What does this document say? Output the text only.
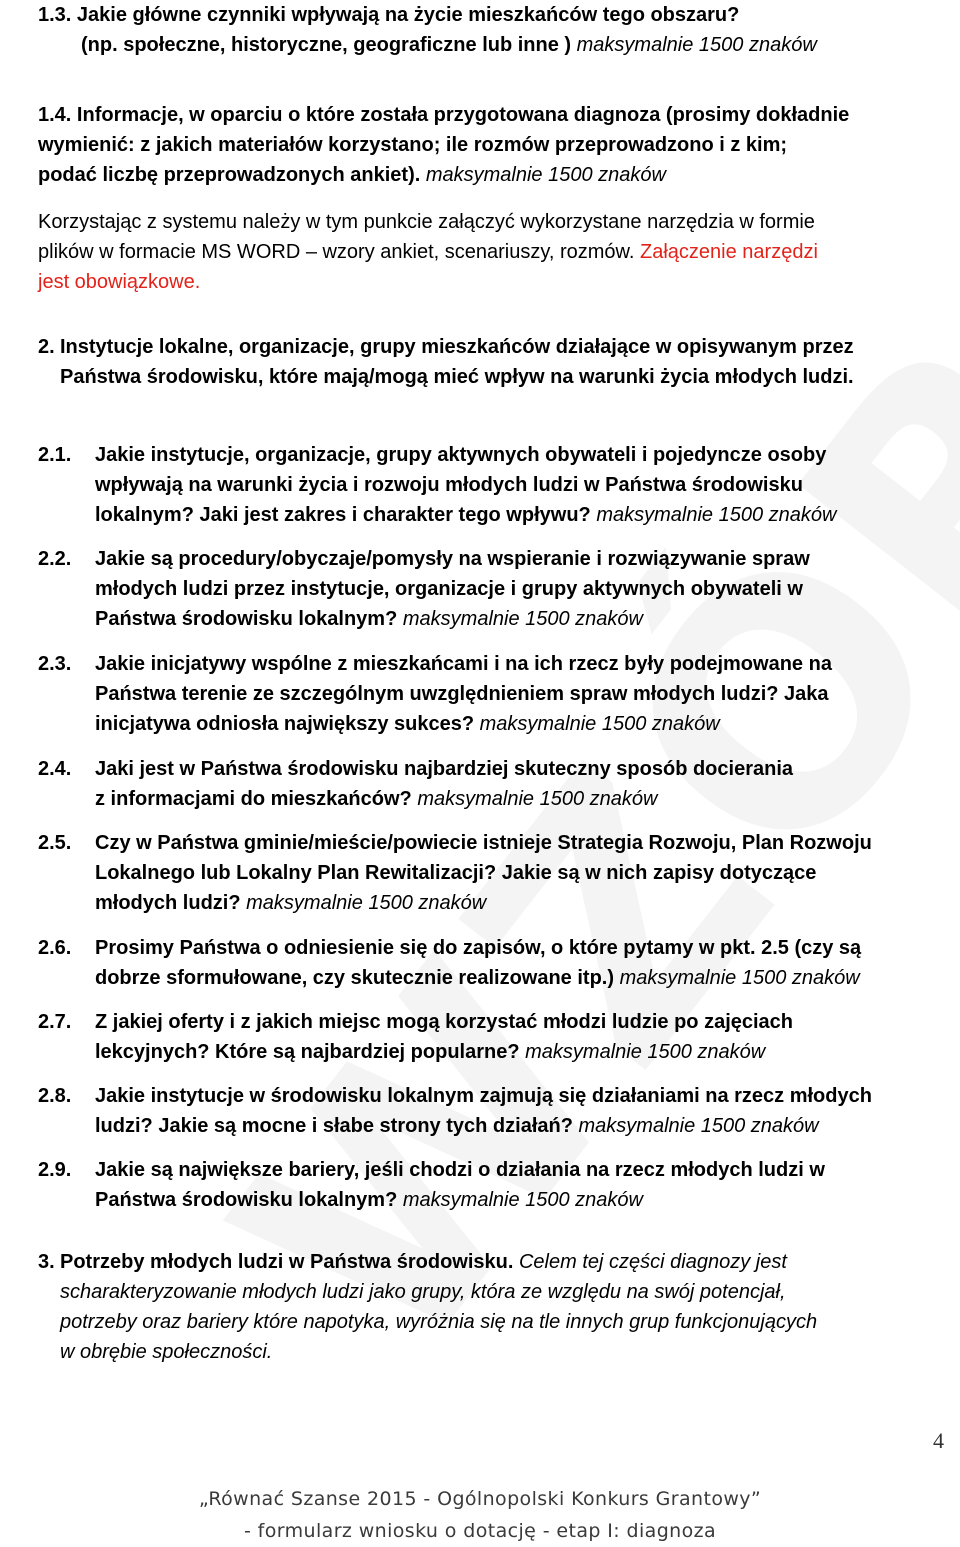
1.3. Jakie główne czynniki wpływają na życie mieszkańców tego obszaru?
(np. społeczne, historyczne, geograficzne lub inne ) maksymalnie 1500 znaków
1.4. Informacje, w oparciu o które została przygotowana diagnoza (prosimy dokładnie
wymienić: z jakich materiałów korzystano; ile rozmów przeprowadzono i z kim;
podać liczbę przeprowadzonych ankiet). maksymalnie 1500 znaków
Korzystając z systemu należy w tym punkcie załączyć wykorzystane narzędzia w formie
plików w formacie MS WORD – wzory ankiet, scenariuszy, rozmów. Załączenie narzędzi
jest obowiązkowe.
2. Instytucje lokalne, organizacje, grupy mieszkańców działające w opisywanym przez
Państwa środowisku, które mają/mogą mieć wpływ na warunki życia młodych ludzi.
2.1. Jakie instytucje, organizacje, grupy aktywnych obywateli i pojedyncze osoby
wpływają na warunki życia i rozwoju młodych ludzi w Państwa środowisku
lokalnym? Jaki jest zakres i charakter tego wpływu? maksymalnie 1500 znaków
2.2. Jakie są procedury/obyczaje/pomysły na wspieranie i rozwiązywanie spraw
młodych ludzi przez instytucje, organizacje i grupy aktywnych obywateli w
Państwa środowisku lokalnym? maksymalnie 1500 znaków
2.3. Jakie inicjatywy wspólne z mieszkańcami i na ich rzecz były podejmowane na
Państwa terenie ze szczególnym uwzględnieniem spraw młodych ludzi? Jaka
inicjatywa odniosła największy sukces? maksymalnie 1500 znaków
2.4. Jaki jest w Państwa środowisku najbardziej skuteczny sposób docierania
z informacjami do mieszkańców? maksymalnie 1500 znaków
2.5. Czy w Państwa gminie/mieście/powiecie istnieje Strategia Rozwoju, Plan Rozwoju
Lokalnego lub Lokalny Plan Rewitalizacji? Jakie są w nich zapisy dotyczące
młodych ludzi? maksymalnie 1500 znaków
2.6. Prosimy Państwa o odniesienie się do zapisów, o które pytamy w pkt. 2.5 (czy są
dobrze sformułowane, czy skutecznie realizowane itp.) maksymalnie 1500 znaków
2.7. Z jakiej oferty i z jakich miejsc mogą korzystać młodzi ludzie po zajęciach
lekcyjnych? Które są najbardziej popularne? maksymalnie 1500 znaków
2.8. Jakie instytucje w środowisku lokalnym zajmują się działaniami na rzecz młodych
ludzi? Jakie są mocne i słabe strony tych działań? maksymalnie 1500 znaków
2.9. Jakie są największe bariery, jeśli chodzi o działania na rzecz młodych ludzi w
Państwa środowisku lokalnym? maksymalnie 1500 znaków
3. Potrzeby młodych ludzi w Państwa środowisku. Celem tej części diagnozy jest
scharakteryzowanie młodych ludzi jako grupy, która ze względu na swój potencjał,
potrzeby oraz bariery które napotyka, wyróżnia się na tle innych grup funkcjonujących
w obrębie społeczności.
4
„Równać Szanse 2015 - Ogólnopolski Konkurs Grantowy”
- formularz wniosku o dotację - etap I: diagnoza
